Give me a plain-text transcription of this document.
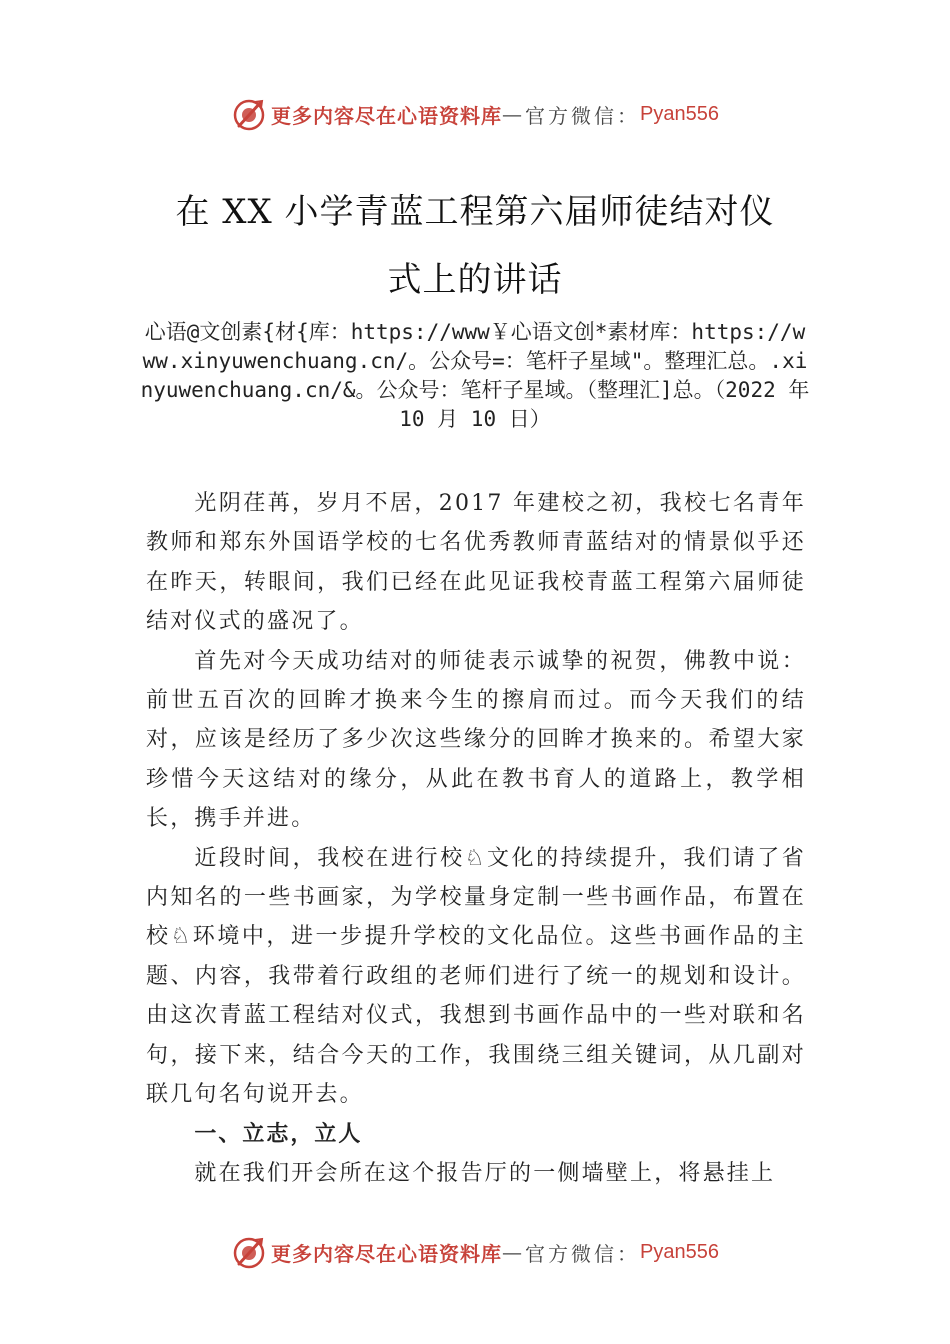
更多内容尽在心语资料库 — 官方微信： Pyan556
在 XX 小学青蓝工程第六届师徒结对仪
式上的讲话
心语@文创素{材{库：https://www￥心语文创*素材库：https://www.xinyuwenchuang.cn/。公众号=：笔杆子星域"。整理汇总。.xinyuwenchuang.cn/&。公众号：笔杆子星域。（整理汇]总。（2022 年 10 月 10 日）

光阴荏苒，岁月不居，2017 年建校之初，我校七名青年教师和郑东外国语学校的七名优秀教师青蓝结对的情景似乎还在昨天，转眼间，我们已经在此见证我校青蓝工程第六届师徒结对仪式的盛况了。

首先对今天成功结对的师徒表示诚挚的祝贺，佛教中说：前世五百次的回眸才换来今生的擦肩而过。而今天我们的结对，应该是经历了多少次这些缘分的回眸才换来的。希望大家珍惜今天这结对的缘分，从此在教书育人的道路上，教学相长，携手并进。

近段时间，我校在进行校♘文化的持续提升，我们请了省内知名的一些书画家，为学校量身定制一些书画作品，布置在校♘环境中，进一步提升学校的文化品位。这些书画作品的主题、内容，我带着行政组的老师们进行了统一的规划和设计。由这次青蓝工程结对仪式，我想到书画作品中的一些对联和名句，接下来，结合今天的工作，我围绕三组关键词，从几副对联几句名句说开去。

一、立志，立人

就在我们开会所在这个报告厅的一侧墙壁上，将悬挂上

更多内容尽在心语资料库 — 官方微信： Pyan556
